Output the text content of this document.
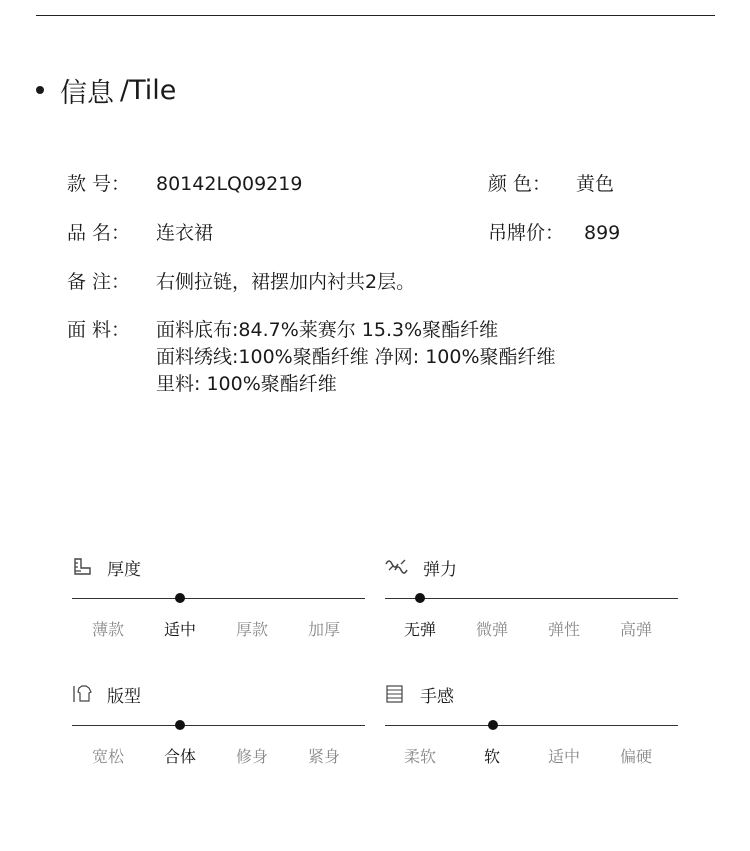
信息 /Tile
款 号：	80142LQ09219	颜 色：	黄色
品 名：	连衣裙	吊牌价：	899
备 注：	右侧拉链，裙摆加内衬共2层。
面 料：	面料底布:84.7%莱赛尔 15.3%聚酯纤维
面料绣线:100%聚酯纤维 净网: 100%聚酯纤维
里料: 100%聚酯纤维
厚度
薄款	适中	厚款	加厚
弹力
无弹	微弹	弹性	高弹
版型
宽松	合体	修身	紧身
手感
柔软	软	适中	偏硬
